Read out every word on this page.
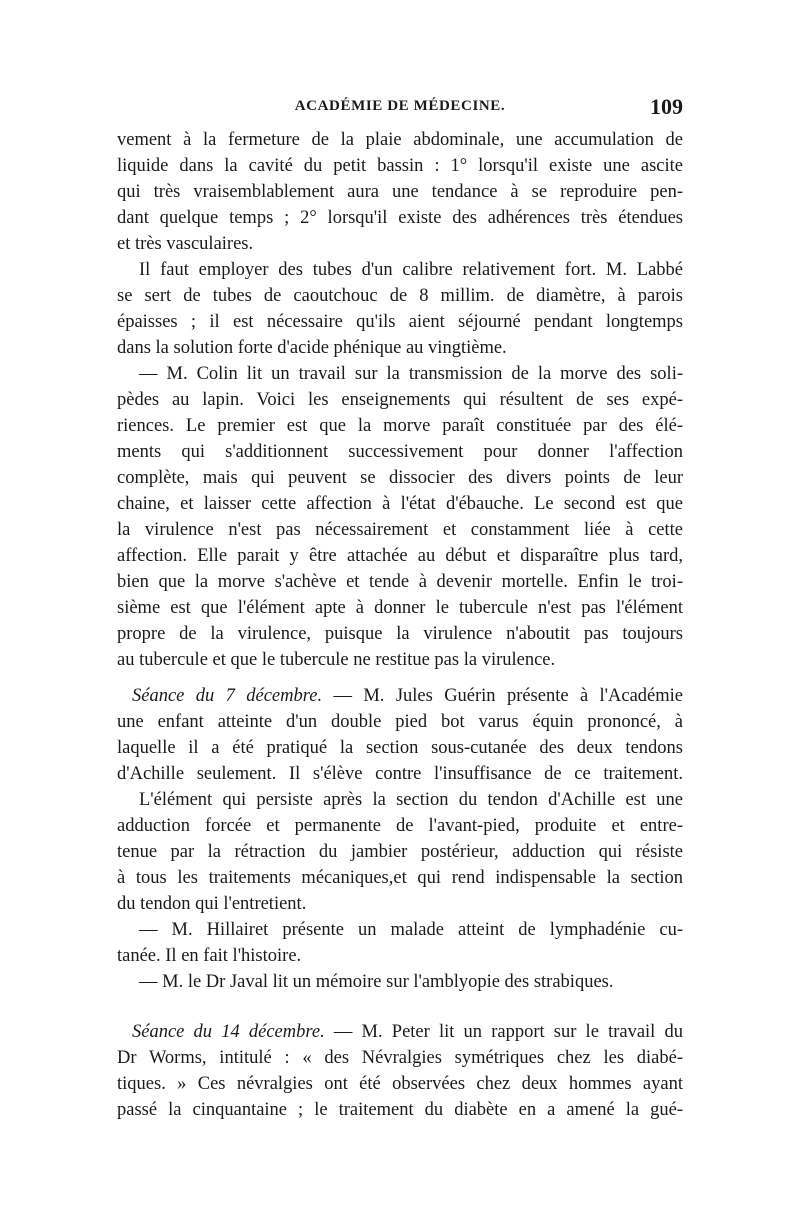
ACADÉMIE DE MÉDECINE.	109
vement à la fermeture de la plaie abdominale, une accumulation de
liquide dans la cavité du petit bassin : 1° lorsqu'il existe une ascite
qui très vraisemblablement aura une tendance à se reproduire pen-
dant quelque temps ; 2° lorsqu'il existe des adhérences très étendues
et très vasculaires.
Il faut employer des tubes d'un calibre relativement fort. M. Labbé
se sert de tubes de caoutchouc de 8 millim. de diamètre, à parois
épaisses ; il est nécessaire qu'ils aient séjourné pendant longtemps
dans la solution forte d'acide phénique au vingtième.
— M. Colin lit un travail sur la transmission de la morve des soli-
pèdes au lapin. Voici les enseignements qui résultent de ses expé-
riences. Le premier est que la morve paraît constituée par des élé-
ments qui s'additionnent successivement pour donner l'affection
complète, mais qui peuvent se dissocier des divers points de leur
chaine, et laisser cette affection à l'état d'ébauche. Le second est que
la virulence n'est pas nécessairement et constamment liée à cette
affection. Elle parait y être attachée au début et disparaître plus tard,
bien que la morve s'achève et tende à devenir mortelle. Enfin le troi-
sième est que l'élément apte à donner le tubercule n'est pas l'élément
propre de la virulence, puisque la virulence n'aboutit pas toujours
au tubercule et que le tubercule ne restitue pas la virulence.
Séance du 7 décembre. — M. Jules Guérin présente à l'Académie
une enfant atteinte d'un double pied bot varus équin prononcé, à
laquelle il a été pratiqué la section sous-cutanée des deux tendons
d'Achille seulement. Il s'élève contre l'insuffisance de ce traitement.
L'élément qui persiste après la section du tendon d'Achille est une
adduction forcée et permanente de l'avant-pied, produite et entre-
tenue par la rétraction du jambier postérieur, adduction qui résiste
à tous les traitements mécaniques,et qui rend indispensable la section
du tendon qui l'entretient.
— M. Hillairet présente un malade atteint de lymphadénie cu-
tanée. Il en fait l'histoire.
— M. le Dr Javal lit un mémoire sur l'amblyopie des strabiques.
Séance du 14 décembre. — M. Peter lit un rapport sur le travail du
Dr Worms, intitulé : « des Névralgies symétriques chez les diabé-
tiques. » Ces névralgies ont été observées chez deux hommes ayant
passé la cinquantaine ; le traitement du diabète en a amené la gué-
